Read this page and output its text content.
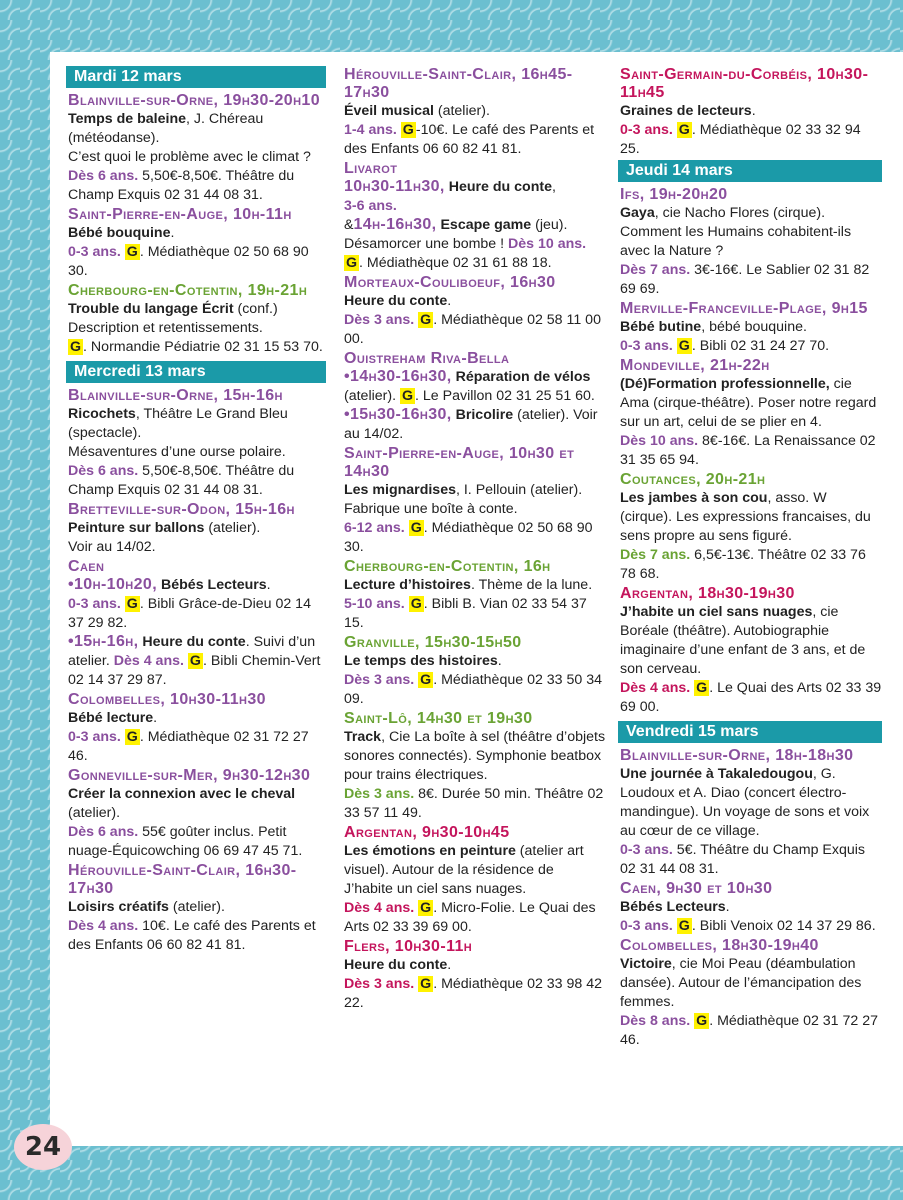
Mardi 12 mars
Blainville-sur-Orne, 19h30-20h10
Temps de baleine, J. Chéreau (météodanse).
C’est quoi le problème avec le climat ?
Dès 6 ans. 5,50€-8,50€. Théâtre du Champ Exquis 02 31 44 08 31.
Saint-Pierre-en-Auge, 10h-11h
Bébé bouquine.
0-3 ans. G . Médiathèque 02 50 68 90 30.
Cherbourg-en-Cotentin, 19h-21h
Trouble du langage Écrit (conf.) Description et retentissements.
G . Normandie Pédiatrie 02 31 15 53 70.
Mercredi 13 mars
Blainville-sur-Orne, 15h-16h
Ricochets, Théâtre Le Grand Bleu (spectacle).
Mésaventures d’une ourse polaire.
Dès 6 ans. 5,50€-8,50€. Théâtre du Champ Exquis 02 31 44 08 31.
Bretteville-sur-Odon, 15h-16h
Peinture sur ballons (atelier).
Voir au 14/02.
Caen
•10h-10h20, Bébés Lecteurs.
0-3 ans. G . Bibli Grâce-de-Dieu 02 14 37 29 82.
•15h-16h, Heure du conte. Suivi d’un atelier. Dès 4 ans. G . Bibli Chemin-Vert 02 14 37 29 87.
Colombelles, 10h30-11h30
Bébé lecture.
0-3 ans. G . Médiathèque 02 31 72 27 46.
Gonneville-sur-Mer, 9h30-12h30
Créer la connexion avec le cheval (atelier).
Dès 6 ans. 55€ goûter inclus. Petit nuage-Équicowching 06 69 47 45 71.
Hérouville-Saint-Clair, 16h30-17h30
Loisirs créatifs (atelier).
Dès 4 ans. 10€. Le café des Parents et des Enfants 06 60 82 41 81.
Hérouville-Saint-Clair, 16h45-17h30
Éveil musical (atelier).
1-4 ans. G -10€. Le café des Parents et des Enfants 06 60 82 41 81.
Livarot
10h30-11h30, Heure du conte,
3-6 ans.
&14h-16h30, Escape game (jeu). Désamorcer une bombe ! Dès 10 ans.
G . Médiathèque 02 31 61 88 18.
Morteaux-Couliboeuf, 16h30
Heure du conte.
Dès 3 ans. G . Médiathèque 02 58 11 00 00.
Ouistreham Riva-Bella
•14h30-16h30, Réparation de vélos (atelier). G . Le Pavillon 02 31 25 51 60.
•15h30-16h30, Bricolire (atelier). Voir au 14/02.
Saint-Pierre-en-Auge, 10h30 et 14h30
Les mignardises, I. Pellouin (atelier). Fabrique une boîte à conte.
6-12 ans. G . Médiathèque 02 50 68 90 30.
Cherbourg-en-Cotentin, 16h
Lecture d’histoires. Thème de la lune.
5-10 ans. G . Bibli B. Vian 02 33 54 37 15.
Granville, 15h30-15h50
Le temps des histoires.
Dès 3 ans. G . Médiathèque 02 33 50 34 09.
Saint-Lô, 14h30 et 19h30
Track, Cie La boîte à sel (théâtre d’objets sonores connectés). Symphonie beatbox pour trains électriques.
Dès 3 ans. 8€. Durée 50 min. Théâtre 02 33 57 11 49.
Argentan, 9h30-10h45
Les émotions en peinture (atelier art visuel). Autour de la résidence de J’habite un ciel sans nuages.
Dès 4 ans. G . Micro-Folie. Le Quai des Arts 02 33 39 69 00.
Flers, 10h30-11h
Heure du conte.
Dès 3 ans. G . Médiathèque 02 33 98 42 22.
Saint-Germain-du-Corbéis, 10h30-11h45
Graines de lecteurs.
0-3 ans. G . Médiathèque 02 33 32 94 25.
Jeudi 14 mars
Ifs, 19h-20h20
Gaya, cie Nacho Flores (cirque). Comment les Humains cohabitent-ils avec la Nature ?
Dès 7 ans. 3€-16€. Le Sablier 02 31 82 69 69.
Merville-Franceville-Plage, 9h15
Bébé butine, bébé bouquine.
0-3 ans. G . Bibli 02 31 24 27 70.
Mondeville, 21h-22h
(Dé)Formation professionnelle, cie Ama (cirque-théâtre). Poser notre regard sur un art, celui de se plier en 4.
Dès 10 ans. 8€-16€. La Renaissance 02 31 35 65 94.
Coutances, 20h-21h
Les jambes à son cou, asso. W (cirque). Les expressions francaises, du sens propre au sens figuré.
Dès 7 ans. 6,5€-13€. Théâtre 02 33 76 78 68.
Argentan, 18h30-19h30
J’habite un ciel sans nuages, cie Boréale (théâtre). Autobiographie imaginaire d’une enfant de 3 ans, et de son cerveau.
Dès 4 ans. G . Le Quai des Arts 02 33 39 69 00.
Vendredi 15 mars
Blainville-sur-Orne, 18h-18h30
Une journée à Takaledougou, G. Loudoux et A. Diao (concert électro-mandingue). Un voyage de sons et voix au cœur de ce village.
0-3 ans. 5€. Théâtre du Champ Exquis 02 31 44 08 31.
Caen, 9h30 et 10h30
Bébés Lecteurs.
0-3 ans. G . Bibli Venoix 02 14 37 29 86.
Colombelles, 18h30-19h40
Victoire, cie Moi Peau (déambulation dansée). Autour de l’émancipation des femmes.
Dès 8 ans. G . Médiathèque 02 31 72 27 46.
24
